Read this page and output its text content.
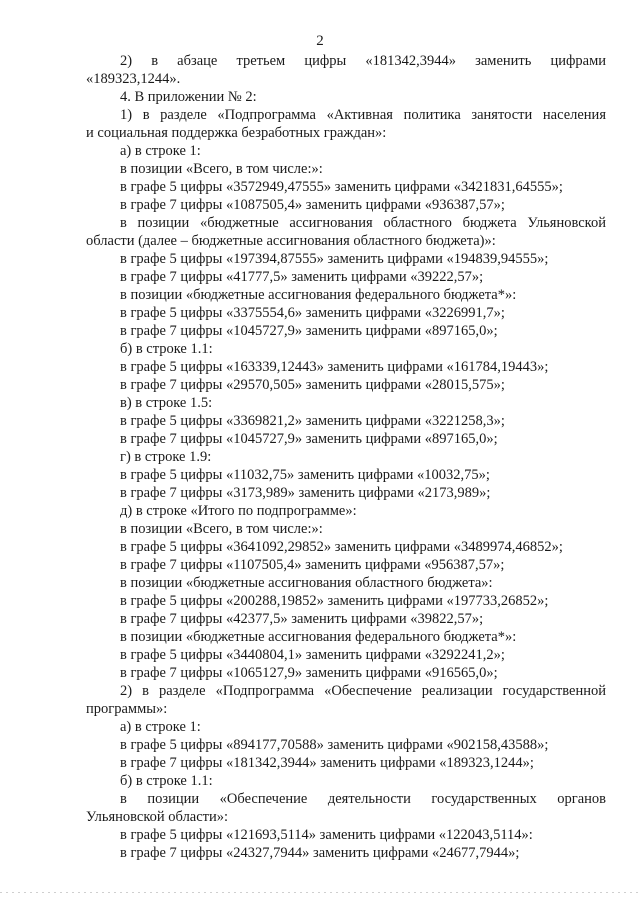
2
2) в абзаце третьем цифры «181342,3944» заменить цифрами
«189323,1244».
4. В приложении № 2:
1) в разделе «Подпрограмма «Активная политика занятости населения
и социальная поддержка безработных граждан»:
а) в строке 1:
в позиции «Всего, в том числе:»:
в графе 5 цифры «3572949,47555» заменить цифрами «3421831,64555»;
в графе 7 цифры «1087505,4» заменить цифрами «936387,57»;
в позиции «бюджетные ассигнования областного бюджета Ульяновской
области (далее – бюджетные ассигнования областного бюджета)»:
в графе 5 цифры «197394,87555» заменить цифрами «194839,94555»;
в графе 7 цифры «41777,5» заменить цифрами «39222,57»;
в позиции «бюджетные ассигнования федерального бюджета*»:
в графе 5 цифры «3375554,6» заменить цифрами «3226991,7»;
в графе 7 цифры «1045727,9» заменить цифрами «897165,0»;
б) в строке 1.1:
в графе 5 цифры «163339,12443» заменить цифрами «161784,19443»;
в графе 7 цифры «29570,505» заменить цифрами «28015,575»;
в) в строке 1.5:
в графе 5 цифры «3369821,2» заменить цифрами «3221258,3»;
в графе 7 цифры «1045727,9» заменить цифрами «897165,0»;
г) в строке 1.9:
в графе 5 цифры «11032,75» заменить цифрами «10032,75»;
в графе 7 цифры «3173,989» заменить цифрами «2173,989»;
д) в строке «Итого по подпрограмме»:
в позиции «Всего, в том числе:»:
в графе 5 цифры «3641092,29852» заменить цифрами «3489974,46852»;
в графе 7 цифры «1107505,4» заменить цифрами «956387,57»;
в позиции «бюджетные ассигнования областного бюджета»:
в графе 5 цифры «200288,19852» заменить цифрами «197733,26852»;
в графе 7 цифры «42377,5» заменить цифрами «39822,57»;
в позиции «бюджетные ассигнования федерального бюджета*»:
в графе 5 цифры «3440804,1» заменить цифрами «3292241,2»;
в графе 7 цифры «1065127,9» заменить цифрами «916565,0»;
2) в разделе «Подпрограмма «Обеспечение реализации государственной
программы»:
а) в строке 1:
в графе 5 цифры «894177,70588» заменить цифрами «902158,43588»;
в графе 7 цифры «181342,3944» заменить цифрами «189323,1244»;
б) в строке 1.1:
в позиции «Обеспечение деятельности государственных органов
Ульяновской области»:
в графе 5 цифры «121693,5114» заменить цифрами «122043,5114»:
в графе 7 цифры «24327,7944» заменить цифрами «24677,7944»;
